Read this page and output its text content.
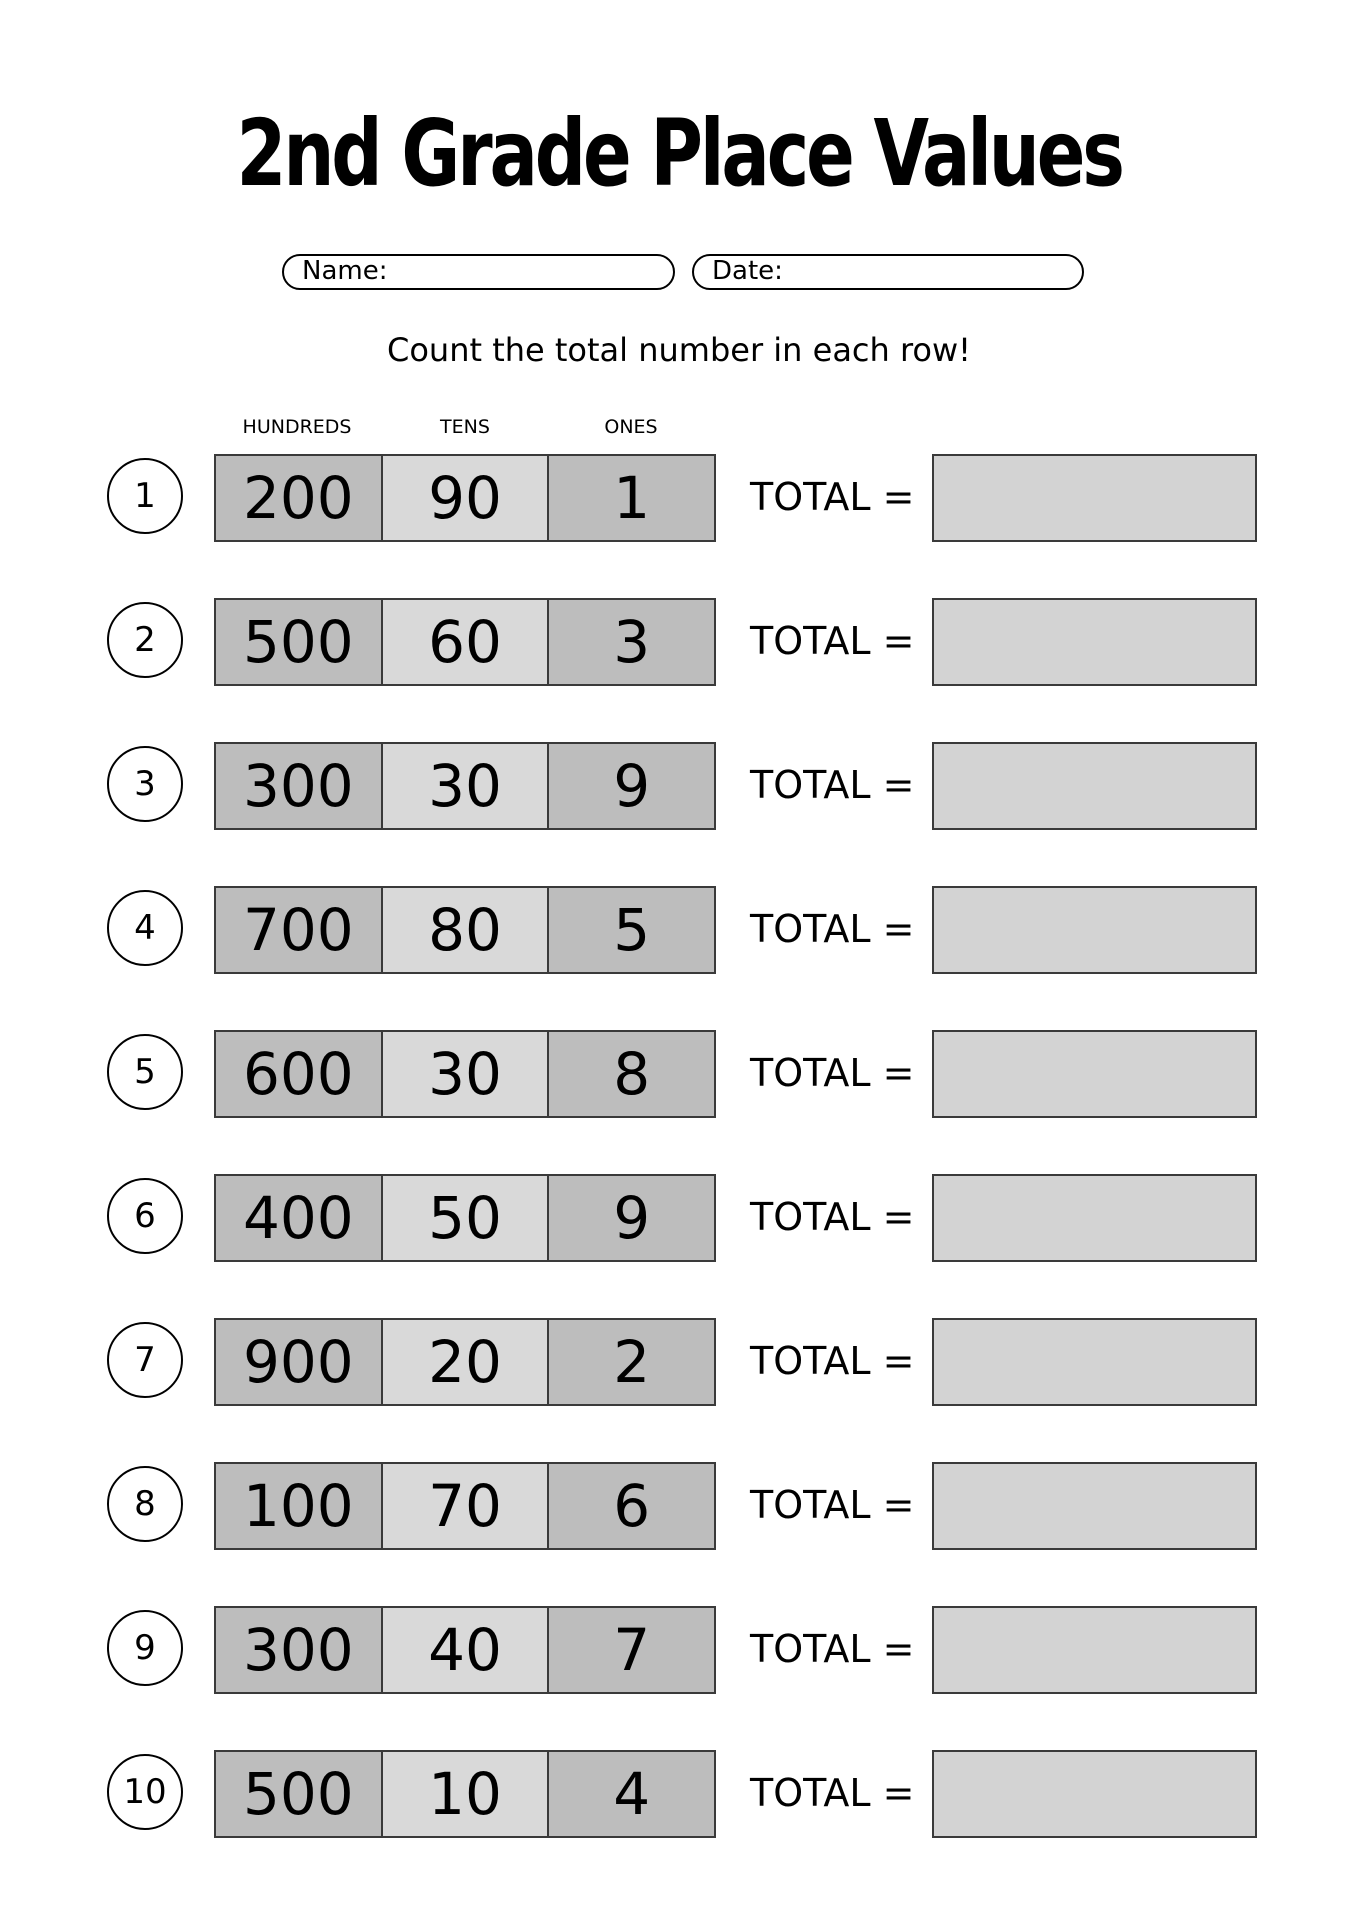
2nd Grade Place Values
Name:	Date:
Count the total number in each row!
HUNDREDS	TENS	ONES
1	200	90	1	TOTAL =
2	500	60	3	TOTAL =
3	300	30	9	TOTAL =
4	700	80	5	TOTAL =
5	600	30	8	TOTAL =
6	400	50	9	TOTAL =
7	900	20	2	TOTAL =
8	100	70	6	TOTAL =
9	300	40	7	TOTAL =
10	500	10	4	TOTAL =
